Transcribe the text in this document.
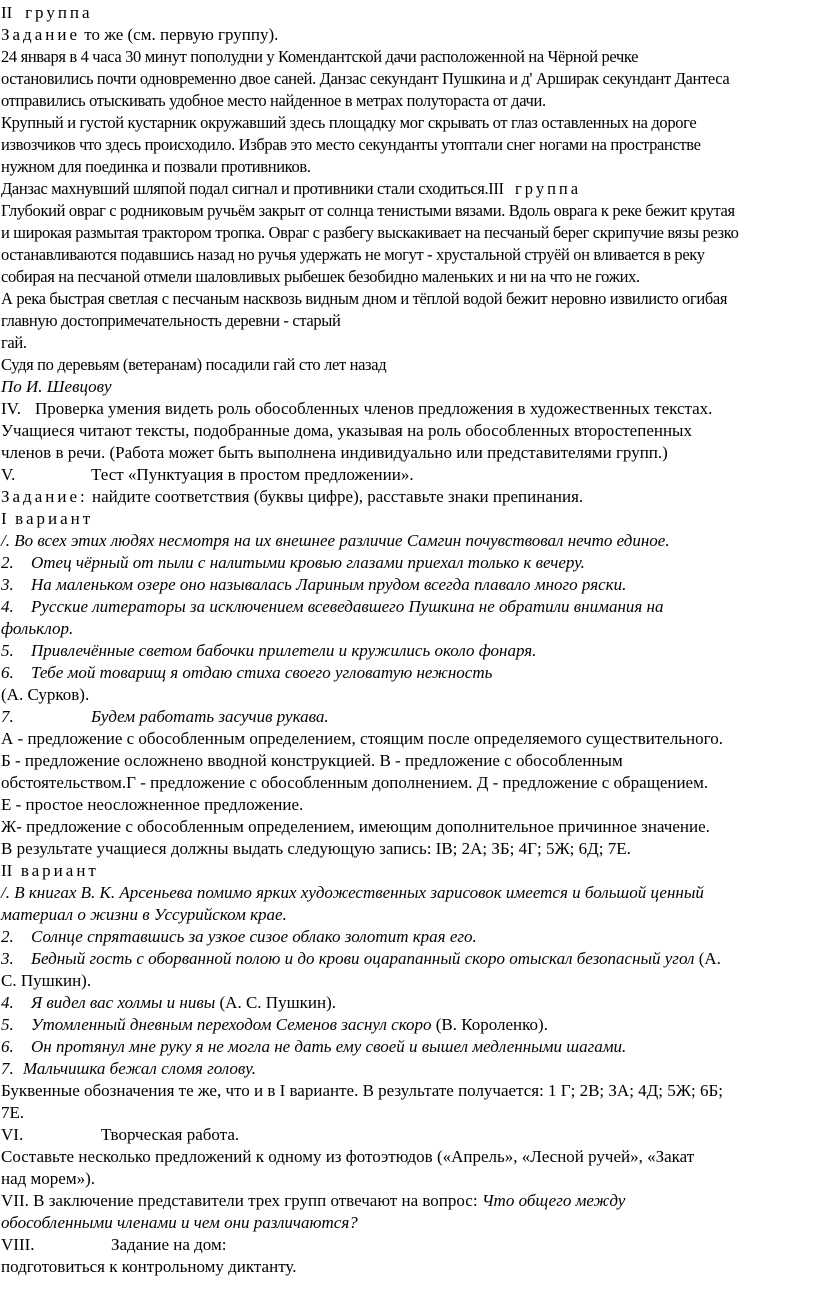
II группа
Задание то же (см. первую группу).
24 января в 4 часа 30 минут пополудни у Комендантской дачи расположенной на Чёрной речке
остановились почти одновременно двое саней. Данзас секундант Пушкина и д' Арширак секундант Дантеса
отправились отыскивать удобное место найденное в метрах полуторaста от дачи.
Крупный и густой кустарник окружавший здесь площадку мог скрывать от глаз оставленных на дороге
извозчиков что здесь происходило. Избрав это место секунданты утоптали снег ногами на пространстве
нужном для поединка и позвали противников.
Данзас махнувший шляпой подал сигнал и противники стали сходиться.III группа
Глубокий овраг с родниковым ручьём закрыт от солнца тенистыми вязами. Вдоль оврага к реке бежит крутая
и широкая размытая трактором тропка. Овраг с разбегу выскакивает на песчаный берег скрипучие вязы резко
останавливаются подавшись назад но ручья удержать не могут - хрустальной струёй он вливается в реку
собирая на песчаной отмели шаловливых рыбешек безобидно маленьких и ни на что не гожих.
А река быстрая светлая с песчаным насквозь видным дном и тёплой водой бежит неровно извилисто огибая
главную достопримечательность деревни - старый
гай.
Судя по деревьям (ветеранам) посадили гай сто лет назад
По И. Шевцову
IV. Проверка умения видеть роль обособленных членов предложения в художественных текстах.
Учащиеся читают тексты, подобранные дома, указывая на роль обособленных второстепенных
членов в речи. (Работа может быть выполнена индивидуально или представителями групп.)
V.	Тест «Пунктуация в простом предложении».
Задание: найдите соответствия (буквы цифре), расставьте знаки препинания.
I вариант
/. Во всех этих людях несмотря на их внешнее различие Самгин почувствовал нечто единое.
2. Отец чёрный от пыли с налитыми кровью глазами приехал только к вечеру.
3. На маленьком озере оно называлась Лариным прудом всегда плавало много ряски.
4. Русские литераторы за исключением всеведавшего Пушкина не обратили внимания на
фольклор.
5. Привлечённые светом бабочки прилетели и кружились около фонаря.
6. Тебе мой товарищ я отдаю стиха своего угловатую нежность
(А. Сурков).
7.	Будем работать засучив рукава.
А - предложение с обособленным определением, стоящим после определяемого существительного.
Б - предложение осложнено вводной конструкцией. В - предложение с обособленным
обстоятельством.Г - предложение с обособленным дополнением. Д - предложение с обращением.
Е - простое неосложненное предложение.
Ж- предложение с обособленным определением, имеющим дополнительное причинное значение.
В результате учащиеся должны выдать следующую запись: IВ; 2А; ЗБ; 4Г; 5Ж; 6Д; 7Е.
II вариант
/. В книгах В. К. Арсеньева помимо ярких художественных зарисовок имеется и большой ценный
материал о жизни в Уссурийском крае.
2. Солнце спрятавшись за узкое сизое облако золотит края его.
3. Бедный гость с оборванной полою и до крови оцарапанный скоро отыскал безопасный угол (А.
С. Пушкин).
4. Я видел вас холмы и нивы (А. С. Пушкин).
5. Утомленный дневным переходом Семенов заснул скоро (В. Короленко).
6. Он протянул мне руку я не могла не дать ему своей и вышел медленными шагами.
7. Мальчишка бежал сломя голову.
Буквенные обозначения те же, что и в I варианте. В результате получается: 1 Г; 2В; ЗА; 4Д; 5Ж; 6Б;
7Е.
VI.	Творческая работа.
Составьте несколько предложений к одному из фотоэтюдов («Апрель», «Лесной ручей», «Закат
над морем»).
VII. В заключение представители трех групп отвечают на вопрос: Что общего между
обособленными членами и чем они различаются?
VIII.	Задание на дом:
подготовиться к контрольному диктанту.
